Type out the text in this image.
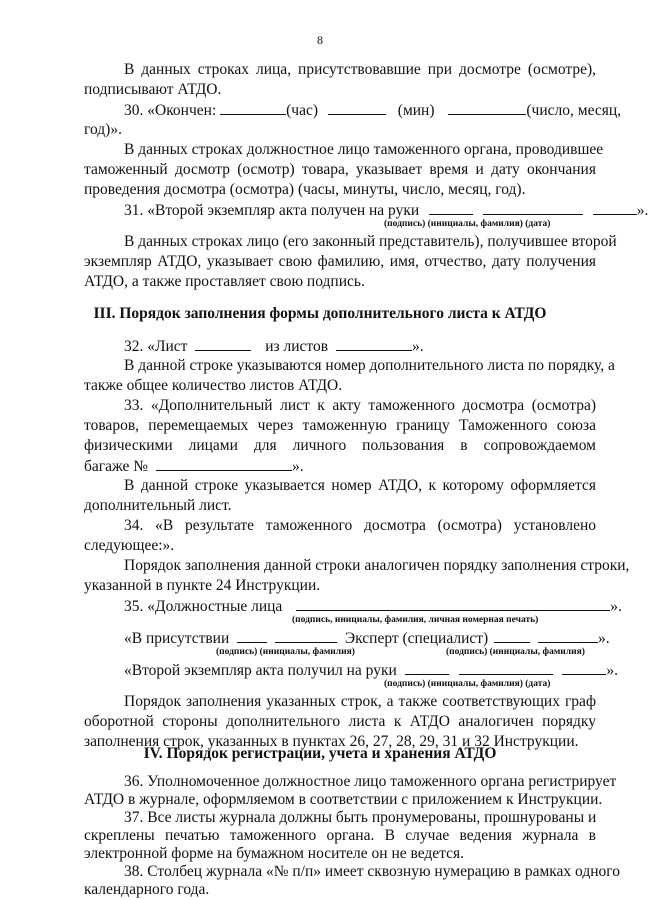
8
В данных строках лица, присутствовавшие при досмотре (осмотре),
подписывают АТДО.
30. «Окончен:	(час)	(мин)	(число, месяц,
год)».
В данных строках должностное лицо таможенного органа, проводившее
таможенный досмотр (осмотр) товара, указывает время и дату окончания
проведения досмотра (осмотра) (часы, минуты, число, месяц, год).
31. «Второй экземпляр акта получен на руки	».
(подпись) (инициалы, фамилия) (дата)
В данных строках лицо (его законный представитель), получившее второй
экземпляр АТДО, указывает свою фамилию, имя, отчество, дату получения
АТДО, а также проставляет свою подпись.
III. Порядок заполнения формы дополнительного листа к АТДО
32. «Лист	из листов	».
В данной строке указываются номер дополнительного листа по порядку, а
также общее количество листов АТДО.
33. «Дополнительный лист к акту таможенного досмотра (осмотра)
товаров, перемещаемых через таможенную границу Таможенного союза
физическими лицами для личного пользования в сопровождаемом
багаже №	».
В данной строке указывается номер АТДО, к которому оформляется
дополнительный лист.
34. «В результате таможенного досмотра (осмотра) установлено
следующее:».
Порядок заполнения данной строки аналогичен порядку заполнения строки,
указанной в пункте 24 Инструкции.
35. «Должностные лица	».
(подпись, инициалы, фамилия, личная номерная печать)
«В присутствии	Эксперт (специалист)	».
(подпись) (инициалы, фамилия)	(подпись) (инициалы, фамилия)
«Второй экземпляр акта получил на руки	».
(подпись) (инициалы, фамилия) (дата)
Порядок заполнения указанных строк, а также соответствующих граф
оборотной стороны дополнительного листа к АТДО аналогичен порядку
заполнения строк, указанных в пунктах 26, 27, 28, 29, 31 и 32 Инструкции.
IV. Порядок регистрации, учета и хранения АТДО
36. Уполномоченное должностное лицо таможенного органа регистрирует
АТДО в журнале, оформляемом в соответствии с приложением к Инструкции.
37. Все листы журнала должны быть пронумерованы, прошнурованы и
скреплены печатью таможенного органа. В случае ведения журнала в
электронной форме на бумажном носителе он не ведется.
38. Столбец журнала «№ п/п» имеет сквозную нумерацию в рамках одного
календарного года.
